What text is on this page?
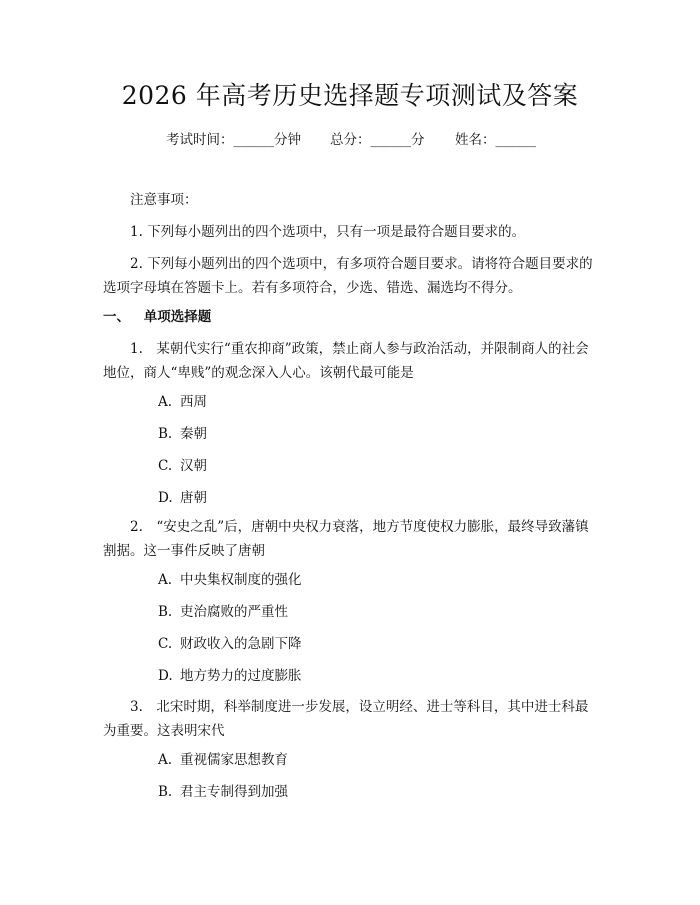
2026 年高考历史选择题专项测试及答案
考试时间：______分钟 总分：______分 姓名：______

注意事项：

1. 下列每小题列出的四个选项中，只有一项是最符合题目要求的。

2. 下列每小题列出的四个选项中，有多项符合题目要求。请将符合题目要求的选项字母填在答题卡上。若有多项符合，少选、错选、漏选均不得分。

一、 单项选择题

1.　某朝代实行“重农抑商”政策，禁止商人参与政治活动，并限制商人的社会地位，商人“卑贱”的观念深入人心。该朝代最可能是

A. 西周

B. 秦朝

C. 汉朝

D. 唐朝

2.　“安史之乱”后，唐朝中央权力衰落，地方节度使权力膨胀，最终导致藩镇割据。这一事件反映了唐朝

A. 中央集权制度的强化

B. 吏治腐败的严重性

C. 财政收入的急剧下降

D. 地方势力的过度膨胀

3.　北宋时期，科举制度进一步发展，设立明经、进士等科目，其中进士科最为重要。这表明宋代

A. 重视儒家思想教育

B. 君主专制得到加强
